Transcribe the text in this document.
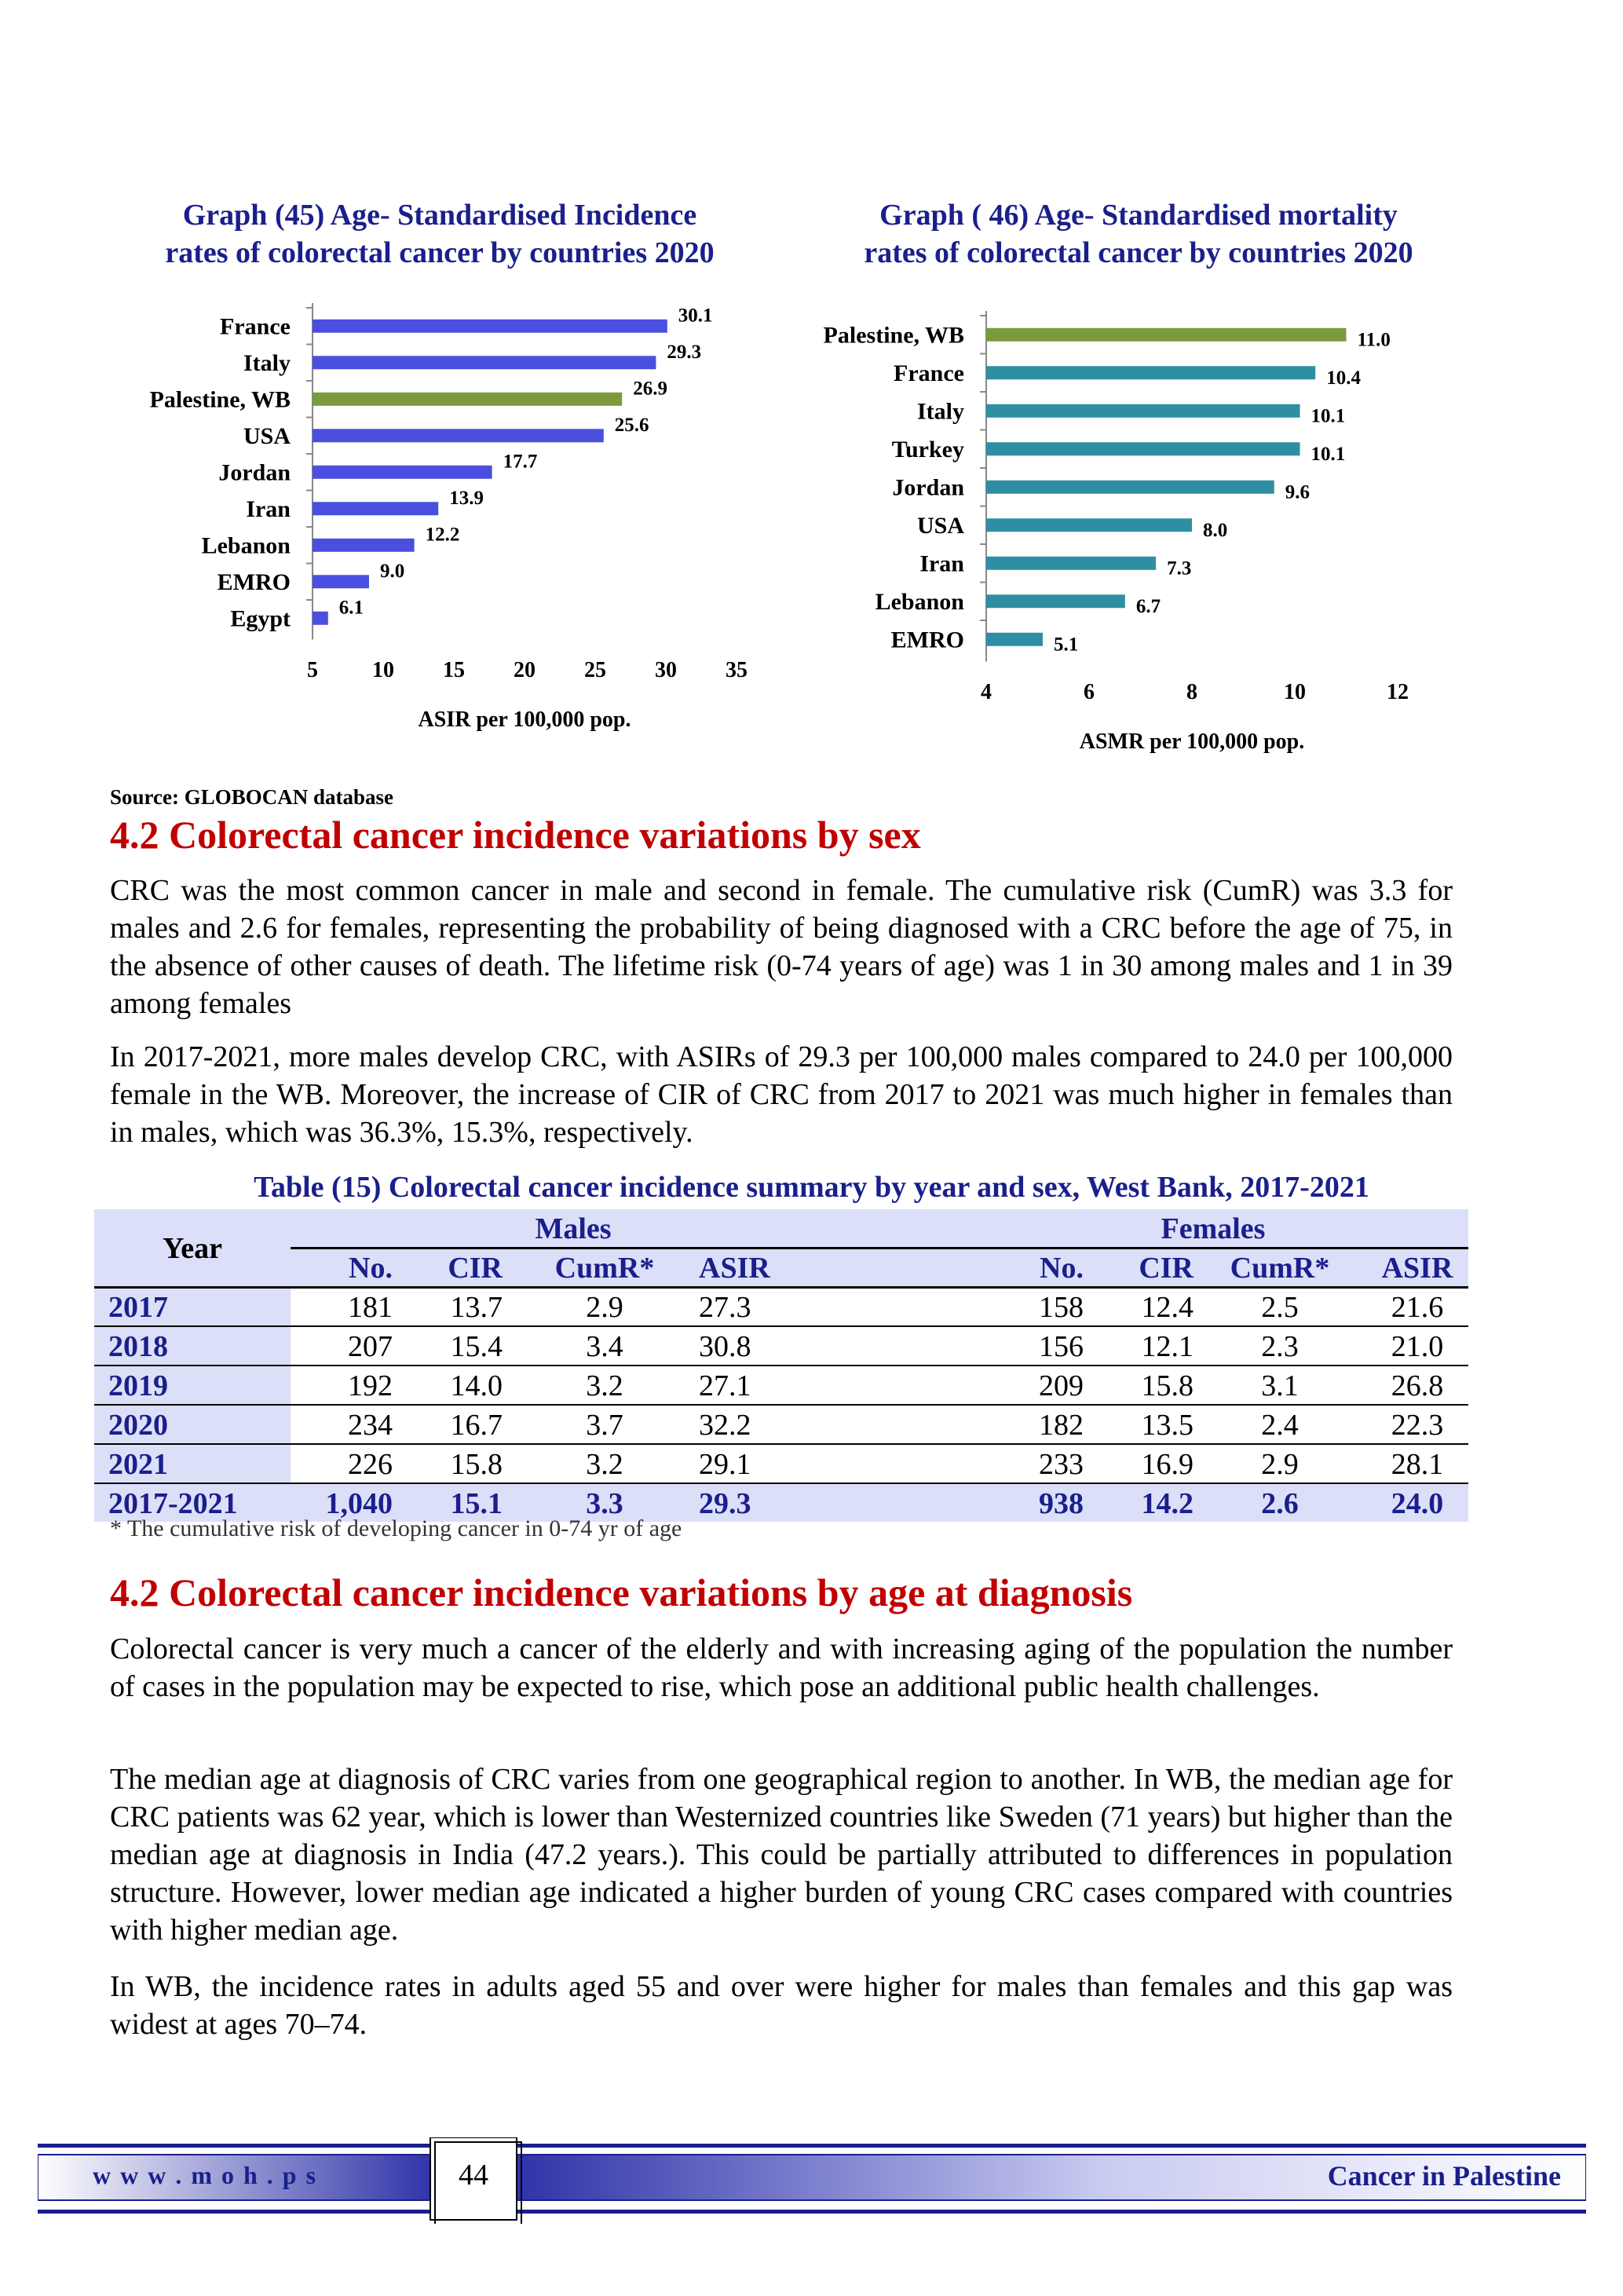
Graph (45) Age- Standardised Incidence
rates of colorectal cancer by countries 2020
Graph ( 46) Age- Standardised mortality
rates of colorectal cancer by countries 2020
France	30.1
Italy	29.3
Palestine, WB	26.9
USA	25.6
Jordan	17.7
Iran	13.9
Lebanon	12.2
EMRO	9.0
Egypt 6.1
5 10 15 20 25 30 35
ASIR per 100,000 pop.
Palestine, WB	11.0
France	10.4
Italy	10.1
Turkey	10.1
Jordan	9.6
USA	8.0
Iran	7.3
Lebanon	6.7
EMRO	5.1
4	6	8	10	12
ASMR per 100,000 pop.
Source: GLOBOCAN database
4.2 Colorectal cancer incidence variations by sex

CRC was the most common cancer in male and second in female. The cumulative risk (CumR) was 3.3 for males and 2.6 for females, representing the probability of being diagnosed with a CRC before the age of 75, in the absence of other causes of death. The lifetime risk (0-74 years of age) was 1 in 30 among males and 1 in 39 among females

In 2017-2021, more males develop CRC, with ASIRs of 29.3 per 100,000 males compared to 24.0 per 100,000 female in the WB. Moreover, the increase of CIR of CRC from 2017 to 2021 was much higher in females than in males, which was 36.3%, 15.3%, respectively.

Table (15) Colorectal cancer incidence summary by year and sex, West Bank, 2017-2021
Year
Males	Females
No.	CIR CumR* ASIR	No.	CIR	CumR*	ASIR
2017	181	13.7	2.9	27.3	158	12.4	2.5	21.6
2018	207	15.4	3.4	30.8	156	12.1	2.3	21.0
2019	192	14.0	3.2	27.1	209	15.8	3.1	26.8
2020	234	16.7	3.7	32.2	182	13.5	2.4	22.3
2021	226	15.8	3.2	29.1	233	16.9	2.9	28.1
2017-2021	1,040	15.1	3.3	29.3	938	14.2	2.6	24.0
* The cumulative risk of developing cancer in 0-74 yr of age
4.2 Colorectal cancer incidence variations by age at diagnosis

Colorectal cancer is very much a cancer of the elderly and with increasing aging of the population the number of cases in the population may be expected to rise, which pose an additional public health challenges.

The median age at diagnosis of CRC varies from one geographical region to another. In WB, the median age for CRC patients was 62 year, which is lower than Westernized countries like Sweden (71 years) but higher than the median age at diagnosis in India (47.2 years.). This could be partially attributed to differences in population structure. However, lower median age indicated a higher burden of young CRC cases compared with countries with higher median age.

In WB, the incidence rates in adults aged 55 and over were higher for males than females and this gap was widest at ages 70–74.

w w w . m o h . p s	44	Cancer in Palestine
